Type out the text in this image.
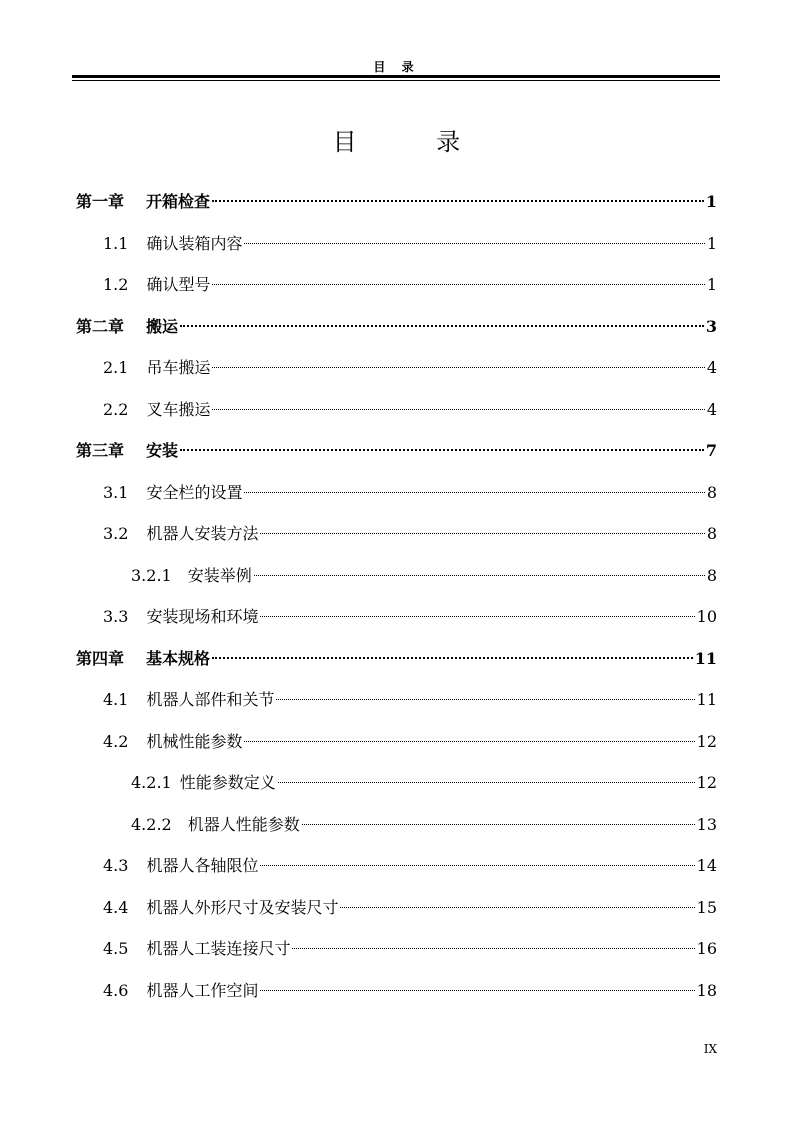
目 录
目 录
第一章 开箱检查	1
1.1 确认装箱内容	1
1.2 确认型号	1
第二章 搬运	3
2.1 吊车搬运	4
2.2 叉车搬运	4
第三章 安装	7
3.1 安全栏的设置	8
3.2 机器人安装方法	8
3.2.1 安装举例	8
3.3 安装现场和环境	10
第四章 基本规格	11
4.1 机器人部件和关节	11
4.2 机械性能参数	12
4.2.1 性能参数定义	12
4.2.2 机器人性能参数	13
4.3 机器人各轴限位	14
4.4 机器人外形尺寸及安装尺寸	15
4.5 机器人工装连接尺寸	16
4.6 机器人工作空间	18
IX
